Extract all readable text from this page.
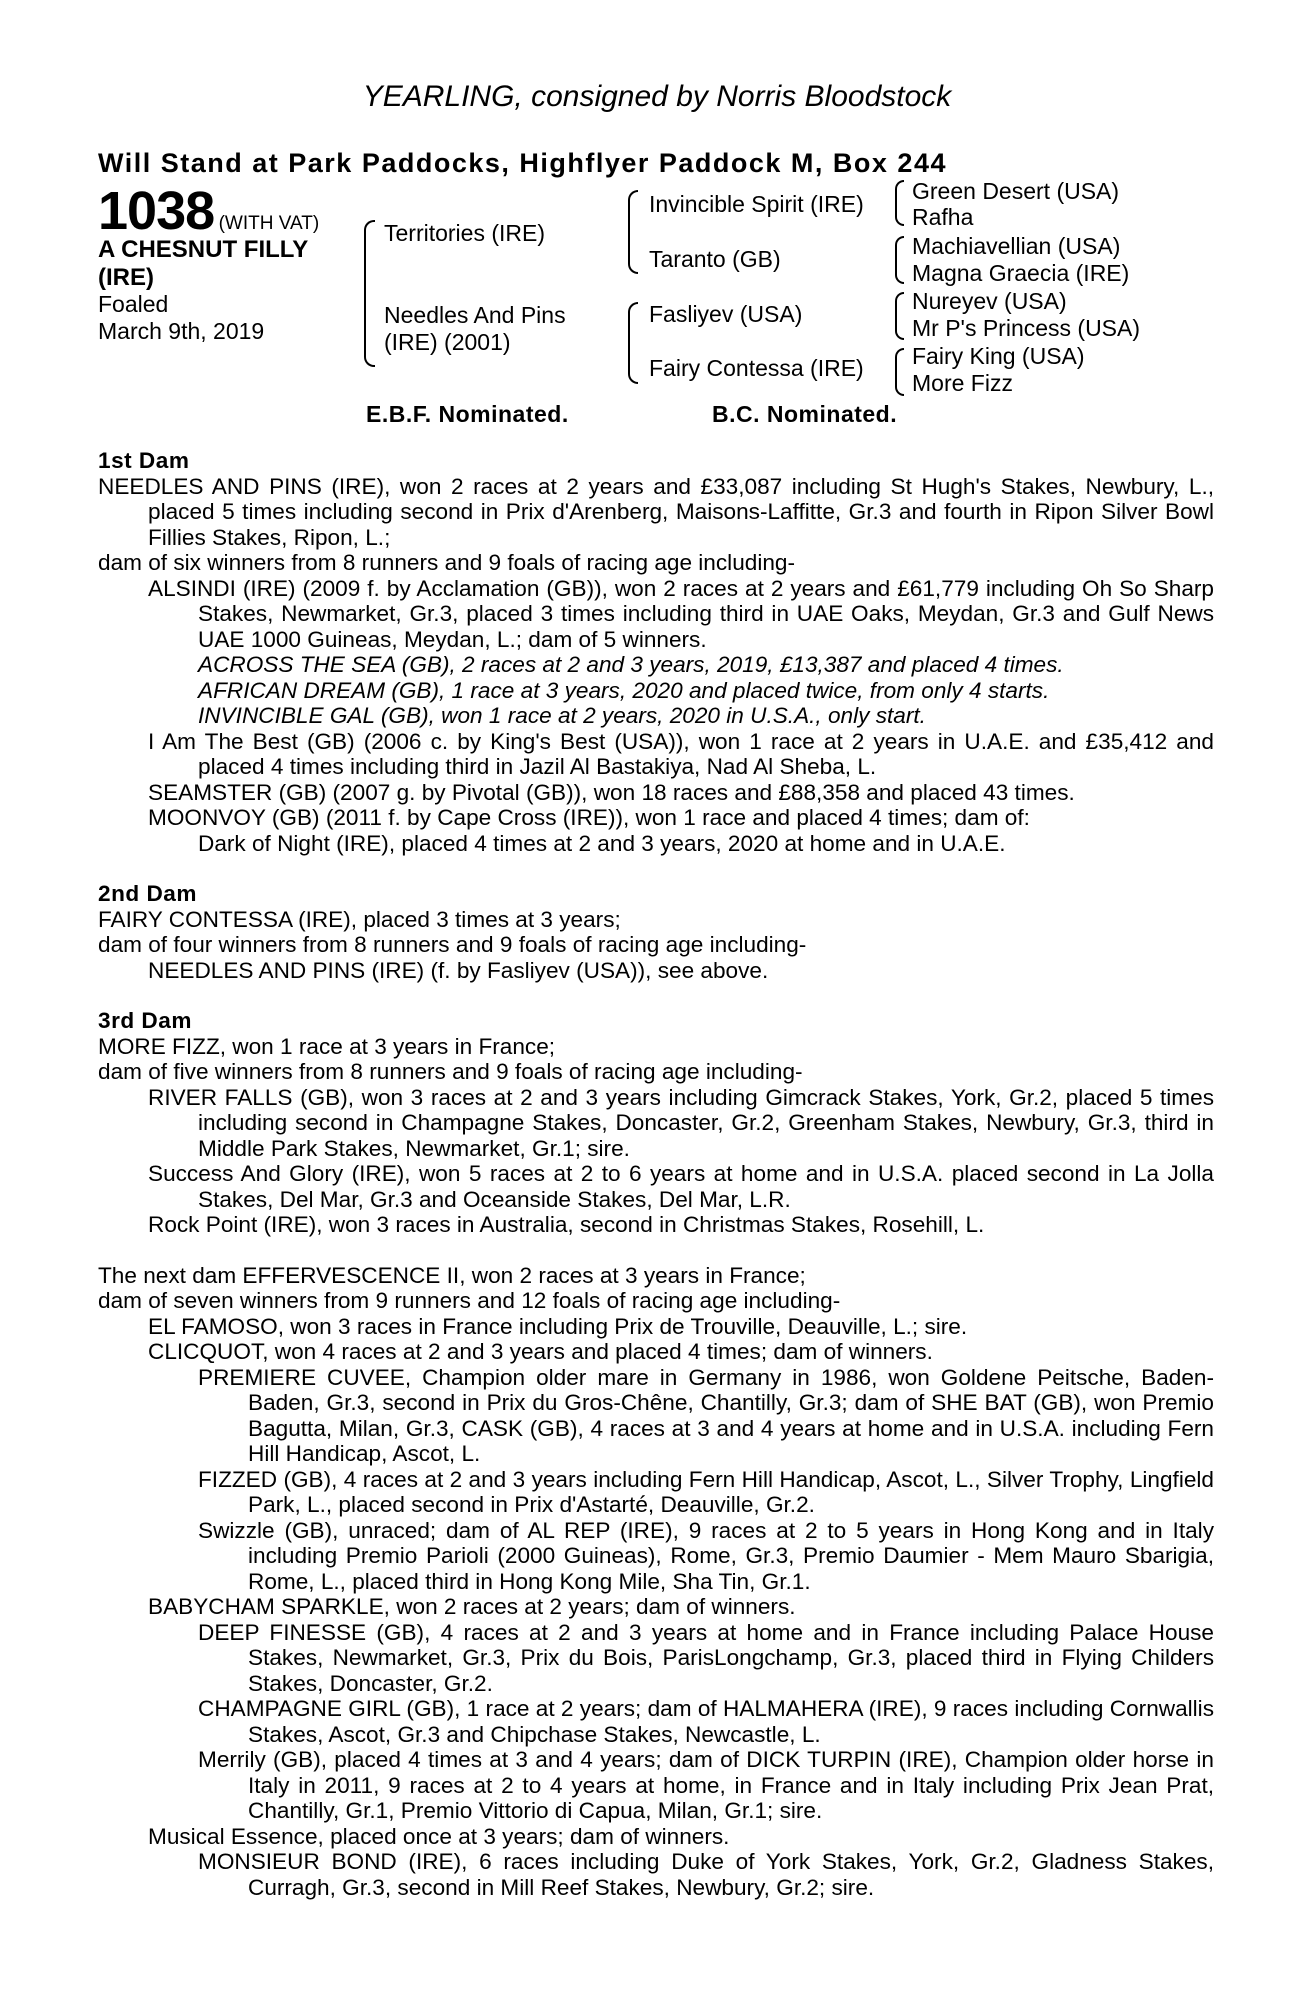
YEARLING, consigned by Norris Bloodstock
Will Stand at Park Paddocks, Highflyer Paddock M, Box 244
1038 (WITH VAT)
A CHESNUT FILLY (IRE)
Foaled
March 9th, 2019
Territories (IRE)
Needles And Pins (IRE) (2001)
Invincible Spirit (IRE)
Taranto (GB)
Fasliyev (USA)
Fairy Contessa (IRE)
Green Desert (USA)
Rafha
Machiavellian (USA)
Magna Graecia (IRE)
Nureyev (USA)
Mr P's Princess (USA)
Fairy King (USA)
More Fizz
E.B.F. Nominated.	B.C. Nominated.

1st Dam

NEEDLES AND PINS (IRE), won 2 races at 2 years and £33,087 including St Hugh's Stakes, Newbury, L., placed 5 times including second in Prix d'Arenberg, Maisons-Laffitte, Gr.3 and fourth in Ripon Silver Bowl Fillies Stakes, Ripon, L.;

dam of six winners from 8 runners and 9 foals of racing age including-

ALSINDI (IRE) (2009 f. by Acclamation (GB)), won 2 races at 2 years and £61,779 including Oh So Sharp Stakes, Newmarket, Gr.3, placed 3 times including third in UAE Oaks, Meydan, Gr.3 and Gulf News UAE 1000 Guineas, Meydan, L.; dam of 5 winners.

ACROSS THE SEA (GB), 2 races at 2 and 3 years, 2019, £13,387 and placed 4 times.

AFRICAN DREAM (GB), 1 race at 3 years, 2020 and placed twice, from only 4 starts.

INVINCIBLE GAL (GB), won 1 race at 2 years, 2020 in U.S.A., only start.

I Am The Best (GB) (2006 c. by King's Best (USA)), won 1 race at 2 years in U.A.E. and £35,412 and placed 4 times including third in Jazil Al Bastakiya, Nad Al Sheba, L.

SEAMSTER (GB) (2007 g. by Pivotal (GB)), won 18 races and £88,358 and placed 43 times.

MOONVOY (GB) (2011 f. by Cape Cross (IRE)), won 1 race and placed 4 times; dam of:

Dark of Night (IRE), placed 4 times at 2 and 3 years, 2020 at home and in U.A.E.

2nd Dam

FAIRY CONTESSA (IRE), placed 3 times at 3 years;

dam of four winners from 8 runners and 9 foals of racing age including-

NEEDLES AND PINS (IRE) (f. by Fasliyev (USA)), see above.

3rd Dam

MORE FIZZ, won 1 race at 3 years in France;

dam of five winners from 8 runners and 9 foals of racing age including-

RIVER FALLS (GB), won 3 races at 2 and 3 years including Gimcrack Stakes, York, Gr.2, placed 5 times including second in Champagne Stakes, Doncaster, Gr.2, Greenham Stakes, Newbury, Gr.3, third in Middle Park Stakes, Newmarket, Gr.1; sire.

Success And Glory (IRE), won 5 races at 2 to 6 years at home and in U.S.A. placed second in La Jolla Stakes, Del Mar, Gr.3 and Oceanside Stakes, Del Mar, L.R.

Rock Point (IRE), won 3 races in Australia, second in Christmas Stakes, Rosehill, L.

The next dam EFFERVESCENCE II, won 2 races at 3 years in France;

dam of seven winners from 9 runners and 12 foals of racing age including-

EL FAMOSO, won 3 races in France including Prix de Trouville, Deauville, L.; sire.

CLICQUOT, won 4 races at 2 and 3 years and placed 4 times; dam of winners.

PREMIERE CUVEE, Champion older mare in Germany in 1986, won Goldene Peitsche, Baden-Baden, Gr.3, second in Prix du Gros-Chêne, Chantilly, Gr.3; dam of SHE BAT (GB), won Premio Bagutta, Milan, Gr.3, CASK (GB), 4 races at 3 and 4 years at home and in U.S.A. including Fern Hill Handicap, Ascot, L.

FIZZED (GB), 4 races at 2 and 3 years including Fern Hill Handicap, Ascot, L., Silver Trophy, Lingfield Park, L., placed second in Prix d'Astarté, Deauville, Gr.2.

Swizzle (GB), unraced; dam of AL REP (IRE), 9 races at 2 to 5 years in Hong Kong and in Italy including Premio Parioli (2000 Guineas), Rome, Gr.3, Premio Daumier - Mem Mauro Sbarigia, Rome, L., placed third in Hong Kong Mile, Sha Tin, Gr.1.

BABYCHAM SPARKLE, won 2 races at 2 years; dam of winners.

DEEP FINESSE (GB), 4 races at 2 and 3 years at home and in France including Palace House Stakes, Newmarket, Gr.3, Prix du Bois, ParisLongchamp, Gr.3, placed third in Flying Childers Stakes, Doncaster, Gr.2.

CHAMPAGNE GIRL (GB), 1 race at 2 years; dam of HALMAHERA (IRE), 9 races including Cornwallis Stakes, Ascot, Gr.3 and Chipchase Stakes, Newcastle, L.

Merrily (GB), placed 4 times at 3 and 4 years; dam of DICK TURPIN (IRE), Champion older horse in Italy in 2011, 9 races at 2 to 4 years at home, in France and in Italy including Prix Jean Prat, Chantilly, Gr.1, Premio Vittorio di Capua, Milan, Gr.1; sire.

Musical Essence, placed once at 3 years; dam of winners.

MONSIEUR BOND (IRE), 6 races including Duke of York Stakes, York, Gr.2, Gladness Stakes, Curragh, Gr.3, second in Mill Reef Stakes, Newbury, Gr.2; sire.
